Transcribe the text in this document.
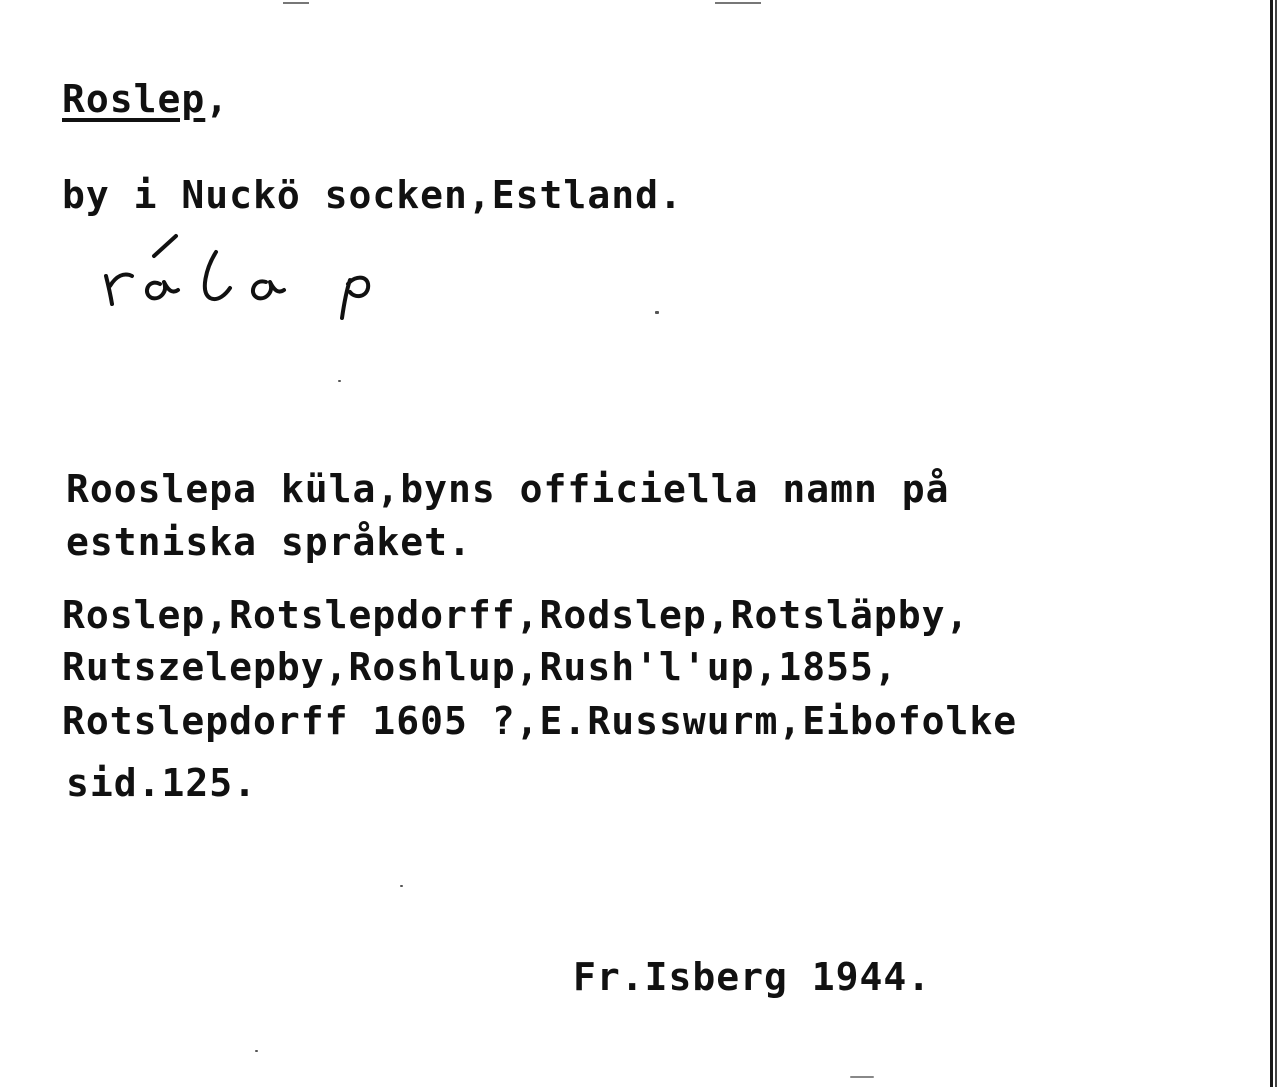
Roslep,
by i Nuckö socken,Estland.
Rooslepa küla,byns officiella namn på
estniska språket.
Roslep,Rotslepdorff,Rodslep,Rotsläpby,
Rutszelepby,Roshlup,Rush'l'up,1855,
Rotslepdorff 1605 ?,E.Russwurm,Eibofolke
sid.125.
Fr.Isberg 1944.
